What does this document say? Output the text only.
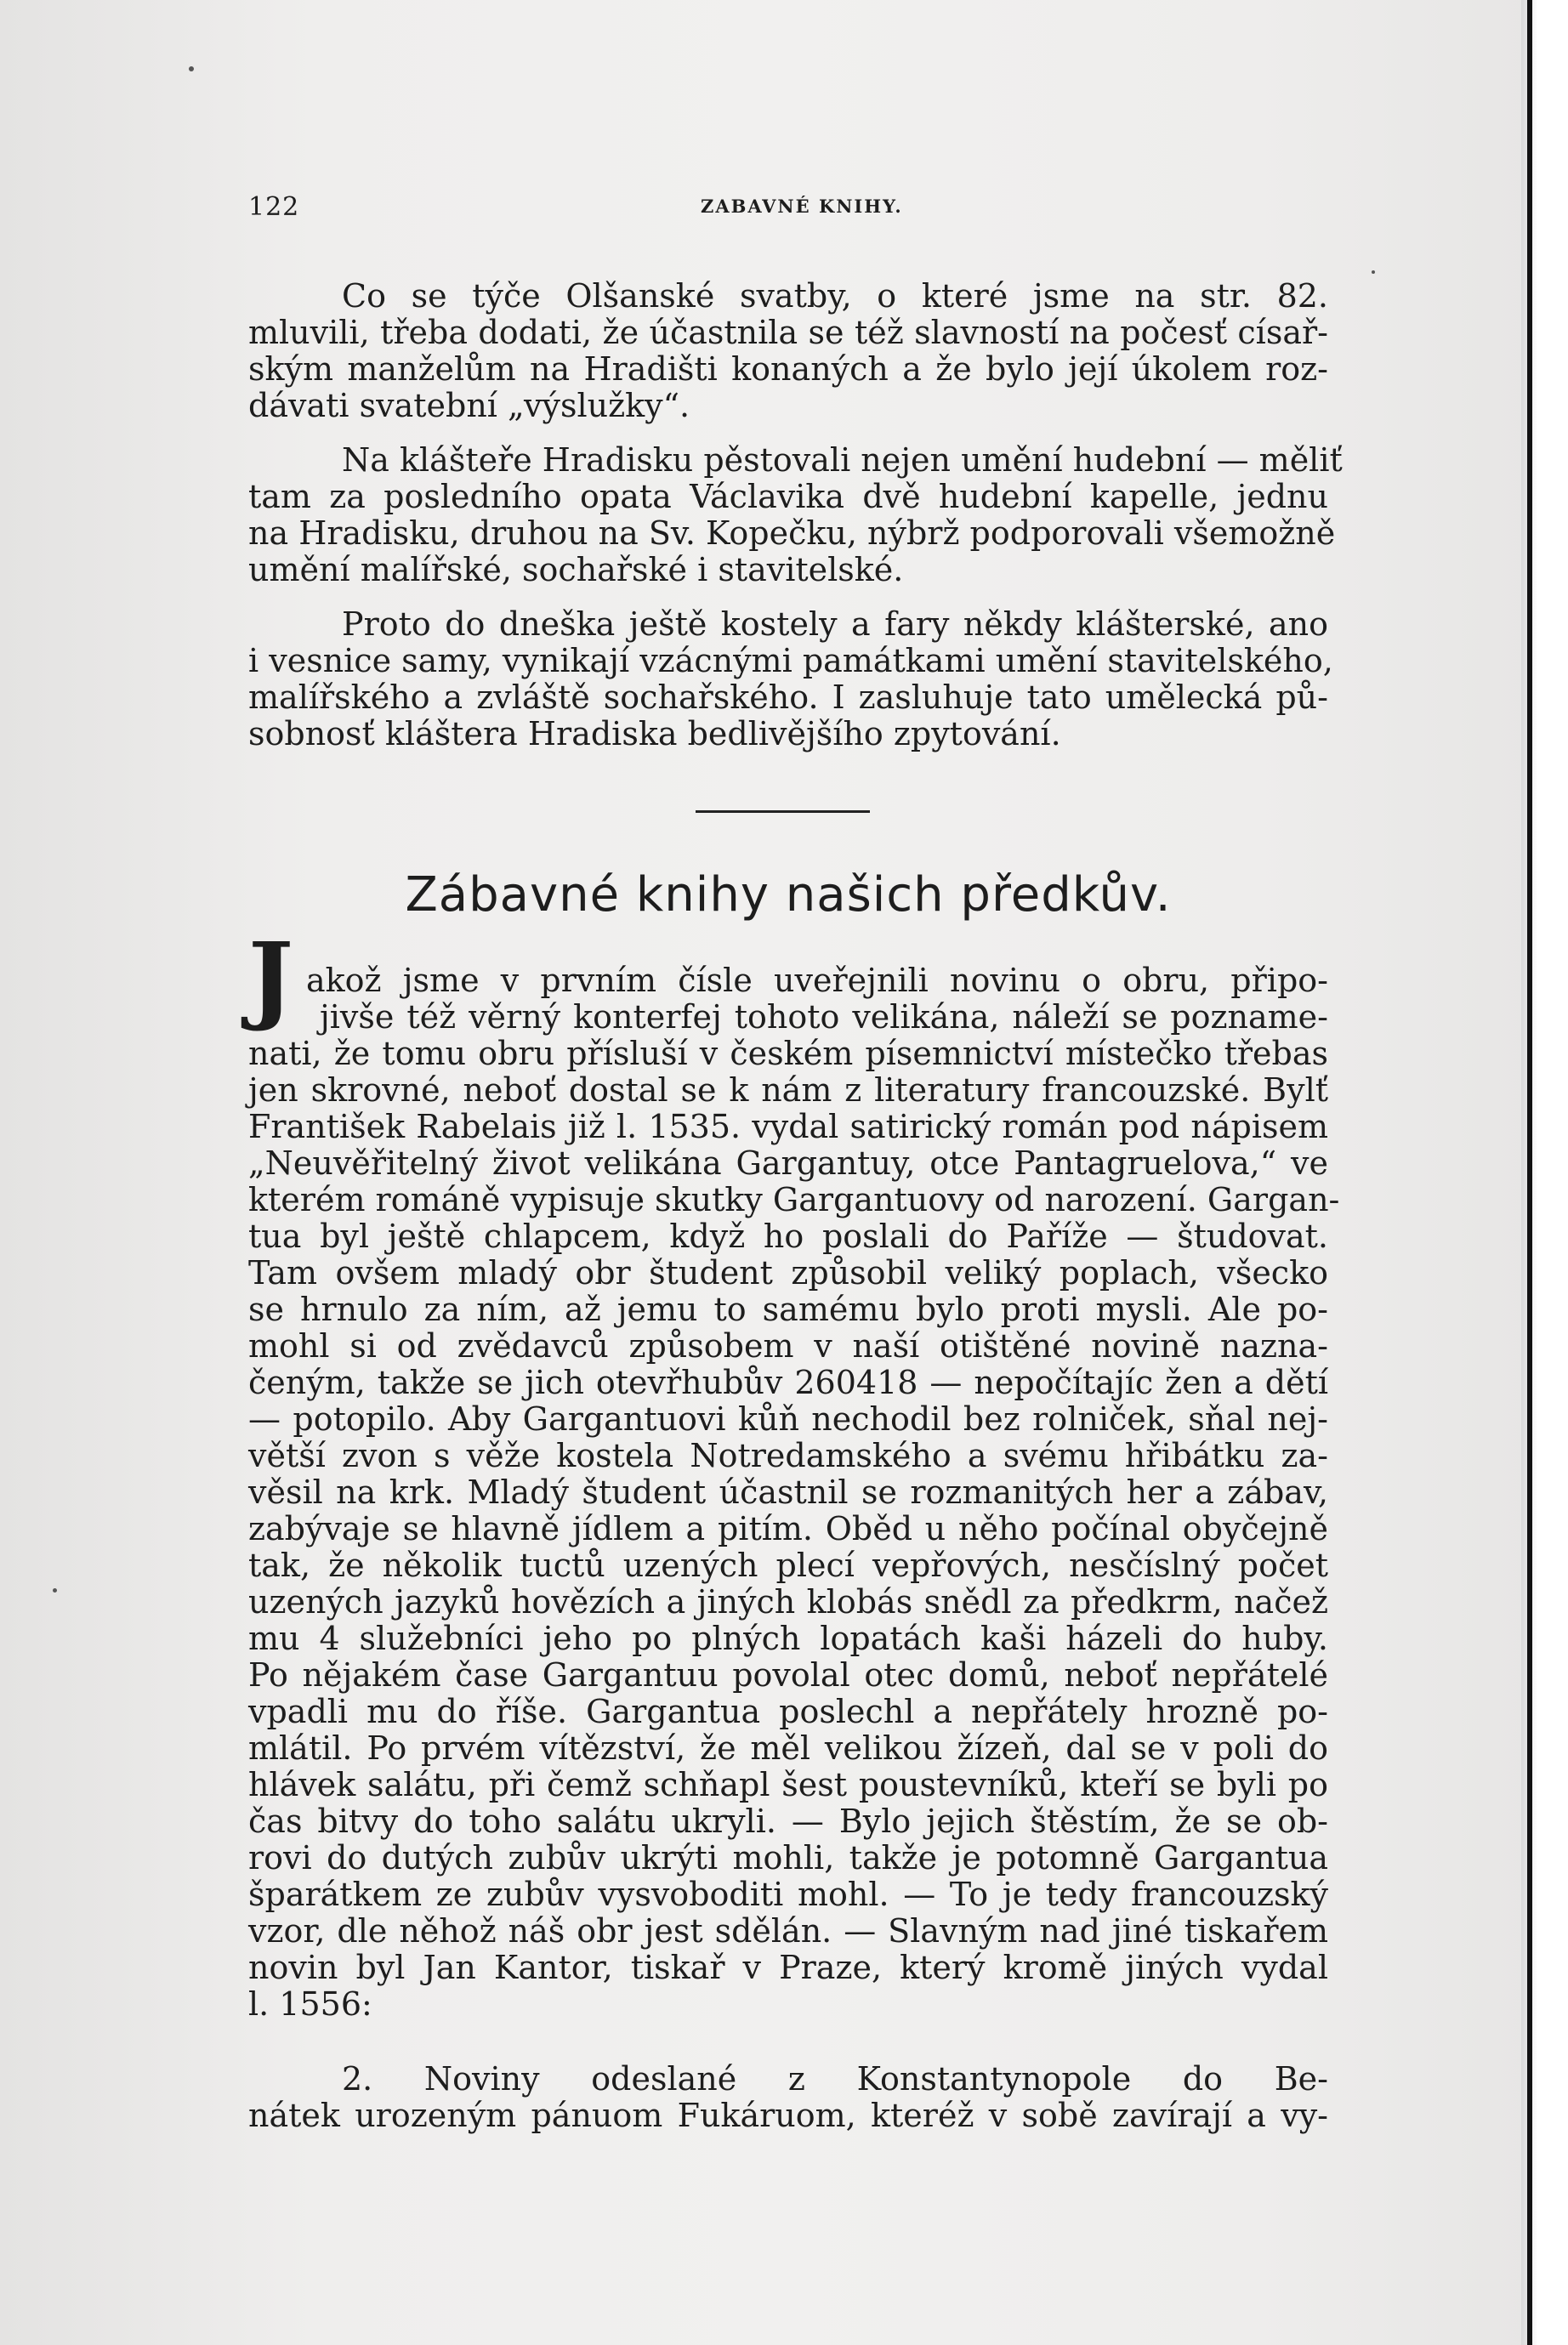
122	ZABAVNÉ KNIHY.
Co se týče Olšanské svatby, o které jsme na str. 82.
mluvili, třeba dodati, že účastnila se též slavností na počesť císař-
ským manželům na Hradišti konaných a že bylo její úkolem roz-
dávati svatební „výslužky“.
Na klášteře Hradisku pěstovali nejen umění hudební — měliť
tam za posledního opata Václavika dvě hudební kapelle, jednu
na Hradisku, druhou na Sv. Kopečku, nýbrž podporovali všemožně
umění malířské, sochařské i stavitelské.
Proto do dneška ještě kostely a fary někdy klášterské, ano
i vesnice samy, vynikají vzácnými památkami umění stavitelského,
malířského a zvláště sochařského. I zasluhuje tato umělecká pů-
sobnosť kláštera Hradiska bedlivějšího zpytování.
Zábavné knihy našich předkův.
J akož jsme v prvním čísle uveřejnili novinu o obru, připo-
jivše též věrný konterfej tohoto velikána, náleží se poznamе-
nati, že tomu obru přísluší v českém písemnictví místečko třebas
jen skrovné, neboť dostal se k nám z literatury francouzské. Bylť
František Rabelais již l. 1535. vydal satirický román pod nápisem
„Neuvěřitelný život velikána Gargantuy, otce Pantagruelova,“ ve
kterém románě vypisuje skutky Gargantuovy od narození. Gargan-
tua byl ještě chlapcem, když ho poslali do Paříže — študovat.
Tam ovšem mladý obr študent způsobil veliký poplach, všecko
se hrnulo za ním, až jemu to samému bylo proti mysli. Ale po-
mohl si od zvědavců způsobem v naší otištěné novině nazna-
čeným, takže se jich otevřhubův 260418 — nepočítajíc žen a dětí
— potopilo. Aby Gargantuovi kůň nechodil bez rolniček, sňal nej-
větší zvon s věže kostela Notredamského a svému hřibátku za-
věsil na krk. Mladý študent účastnil se rozmanitých her a zábav,
zabývaje se hlavně jídlem a pitím. Oběd u něho počínal obyčejně
tak, že několik tuctů uzených plecí vepřových, nesčíslný počet
uzených jazyků hovězích a jiných klobás snědl za předkrm, načež
mu 4 služebníci jeho po plných lopatách kaši házeli do huby.
Po nějakém čase Gargantuu povolal otec domů, neboť nepřátelé
vpadli mu do říše. Gargantua poslechl a nepřátely hrozně po-
mlátil. Po prvém vítězství, že měl velikou žízeň, dal se v poli do
hlávek salátu, při čemž schňapl šest poustevníků, kteří se byli po
čas bitvy do toho salátu ukryli. — Bylo jejich štěstím, že se ob-
rovi do dutých zubův ukrýti mohli, takže je potomně Gargantua
šparátkem ze zubův vysvoboditi mohl. — To je tedy francouzský
vzor, dle něhož náš obr jest sdělán. — Slavným nad jiné tiskařem
novin byl Jan Kantor, tiskař v Praze, který kromě jiných vydal
l. 1556:
2. Noviny odeslané z Konstantynopole do Be-
nátek urozeným pánuom Fukáruom, kteréž v sobě zavírají a vy-
